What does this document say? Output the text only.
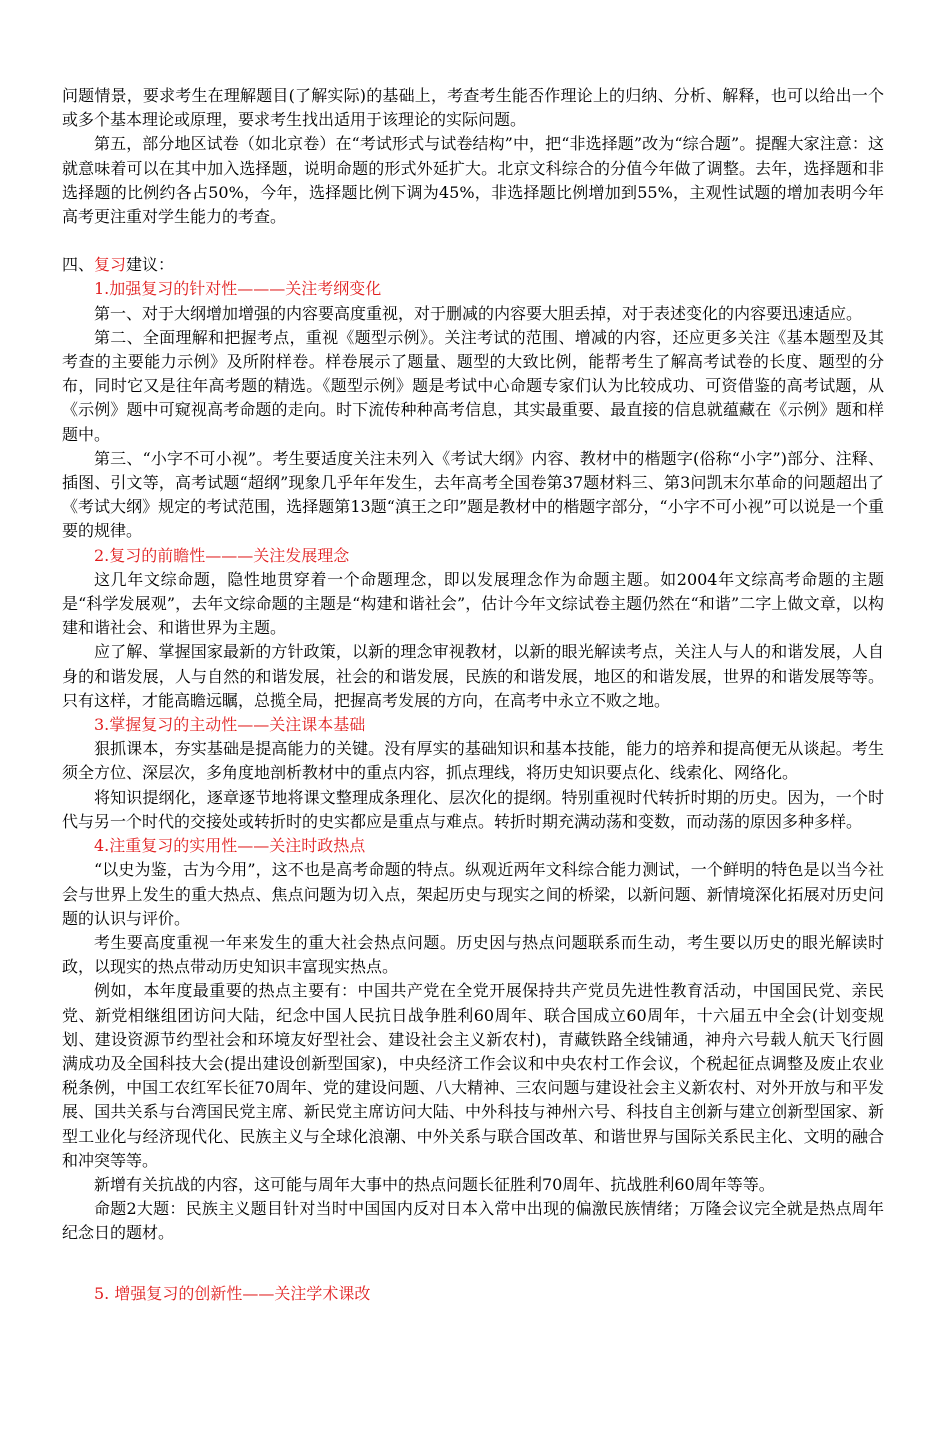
问题情景，要求考生在理解题目(了解实际)的基础上，考查考生能否作理论上的归纳、分析、解释，也可以给出一个或多个基本理论或原理，要求考生找出适用于该理论的实际问题。

第五，部分地区试卷（如北京卷）在“考试形式与试卷结构”中，把“非选择题”改为“综合题”。提醒大家注意：这就意味着可以在其中加入选择题，说明命题的形式外延扩大。北京文科综合的分值今年做了调整。去年，选择题和非选择题的比例约各占50%，今年，选择题比例下调为45%，非选择题比例增加到55%，主观性试题的增加表明今年高考更注重对学生能力的考查。

四、复习建议：

1.加强复习的针对性———关注考纲变化

第一、对于大纲增加增强的内容要高度重视，对于删减的内容要大胆丢掉，对于表述变化的内容要迅速适应。

第二、全面理解和把握考点，重视《题型示例》。关注考试的范围、增减的内容，还应更多关注《基本题型及其考查的主要能力示例》及所附样卷。样卷展示了题量、题型的大致比例，能帮考生了解高考试卷的长度、题型的分布，同时它又是往年高考题的精选。《题型示例》题是考试中心命题专家们认为比较成功、可资借鉴的高考试题，从《示例》题中可窥视高考命题的走向。时下流传种种高考信息，其实最重要、最直接的信息就蕴藏在《示例》题和样题中。

第三、“小字不可小视”。考生要适度关注未列入《考试大纲》内容、教材中的楷题字(俗称“小字”)部分、注释、插图、引文等，高考试题“超纲”现象几乎年年发生，去年高考全国卷第37题材料三、第3问凯末尔革命的问题超出了《考试大纲》规定的考试范围，选择题第13题“滇王之印”题是教材中的楷题字部分，“小字不可小视”可以说是一个重要的规律。

2.复习的前瞻性———关注发展理念

这几年文综命题，隐性地贯穿着一个命题理念，即以发展理念作为命题主题。如2004年文综高考命题的主题是“科学发展观”，去年文综命题的主题是“构建和谐社会”，估计今年文综试卷主题仍然在“和谐”二字上做文章，以构建和谐社会、和谐世界为主题。

应了解、掌握国家最新的方针政策，以新的理念审视教材，以新的眼光解读考点，关注人与人的和谐发展，人自身的和谐发展，人与自然的和谐发展，社会的和谐发展，民族的和谐发展，地区的和谐发展，世界的和谐发展等等。只有这样，才能高瞻远瞩，总揽全局，把握高考发展的方向，在高考中永立不败之地。

3.掌握复习的主动性——关注课本基础

狠抓课本，夯实基础是提高能力的关键。没有厚实的基础知识和基本技能，能力的培养和提高便无从谈起。考生须全方位、深层次，多角度地剖析教材中的重点内容，抓点理线，将历史知识要点化、线索化、网络化。

将知识提纲化，逐章逐节地将课文整理成条理化、层次化的提纲。特别重视时代转折时期的历史。因为，一个时代与另一个时代的交接处或转折时的史实都应是重点与难点。转折时期充满动荡和变数，而动荡的原因多种多样。

4.注重复习的实用性——关注时政热点

“以史为鉴，古为今用”，这不也是高考命题的特点。纵观近两年文科综合能力测试，一个鲜明的特色是以当今社会与世界上发生的重大热点、焦点问题为切入点，架起历史与现实之间的桥梁，以新问题、新情境深化拓展对历史问题的认识与评价。

考生要高度重视一年来发生的重大社会热点问题。历史因与热点问题联系而生动，考生要以历史的眼光解读时政，以现实的热点带动历史知识丰富现实热点。

例如，本年度最重要的热点主要有：中国共产党在全党开展保持共产党员先进性教育活动，中国国民党、亲民党、新党相继组团访问大陆，纪念中国人民抗日战争胜利60周年、联合国成立60周年，十六届五中全会(计划变规划、建设资源节约型社会和环境友好型社会、建设社会主义新农村)，青藏铁路全线铺通，神舟六号载人航天飞行圆满成功及全国科技大会(提出建设创新型国家)，中央经济工作会议和中央农村工作会议，个税起征点调整及废止农业税条例，中国工农红军长征70周年、党的建设问题、八大精神、三农问题与建设社会主义新农村、对外开放与和平发展、国共关系与台湾国民党主席、新民党主席访问大陆、中外科技与神州六号、科技自主创新与建立创新型国家、新型工业化与经济现代化、民族主义与全球化浪潮、中外关系与联合国改革、和谐世界与国际关系民主化、文明的融合和冲突等等。

新增有关抗战的内容，这可能与周年大事中的热点问题长征胜利70周年、抗战胜利60周年等等。

命题2大题：民族主义题目针对当时中国国内反对日本入常中出现的偏激民族情绪；万隆会议完全就是热点周年纪念日的题材。

5. 增强复习的创新性——关注学术课改
